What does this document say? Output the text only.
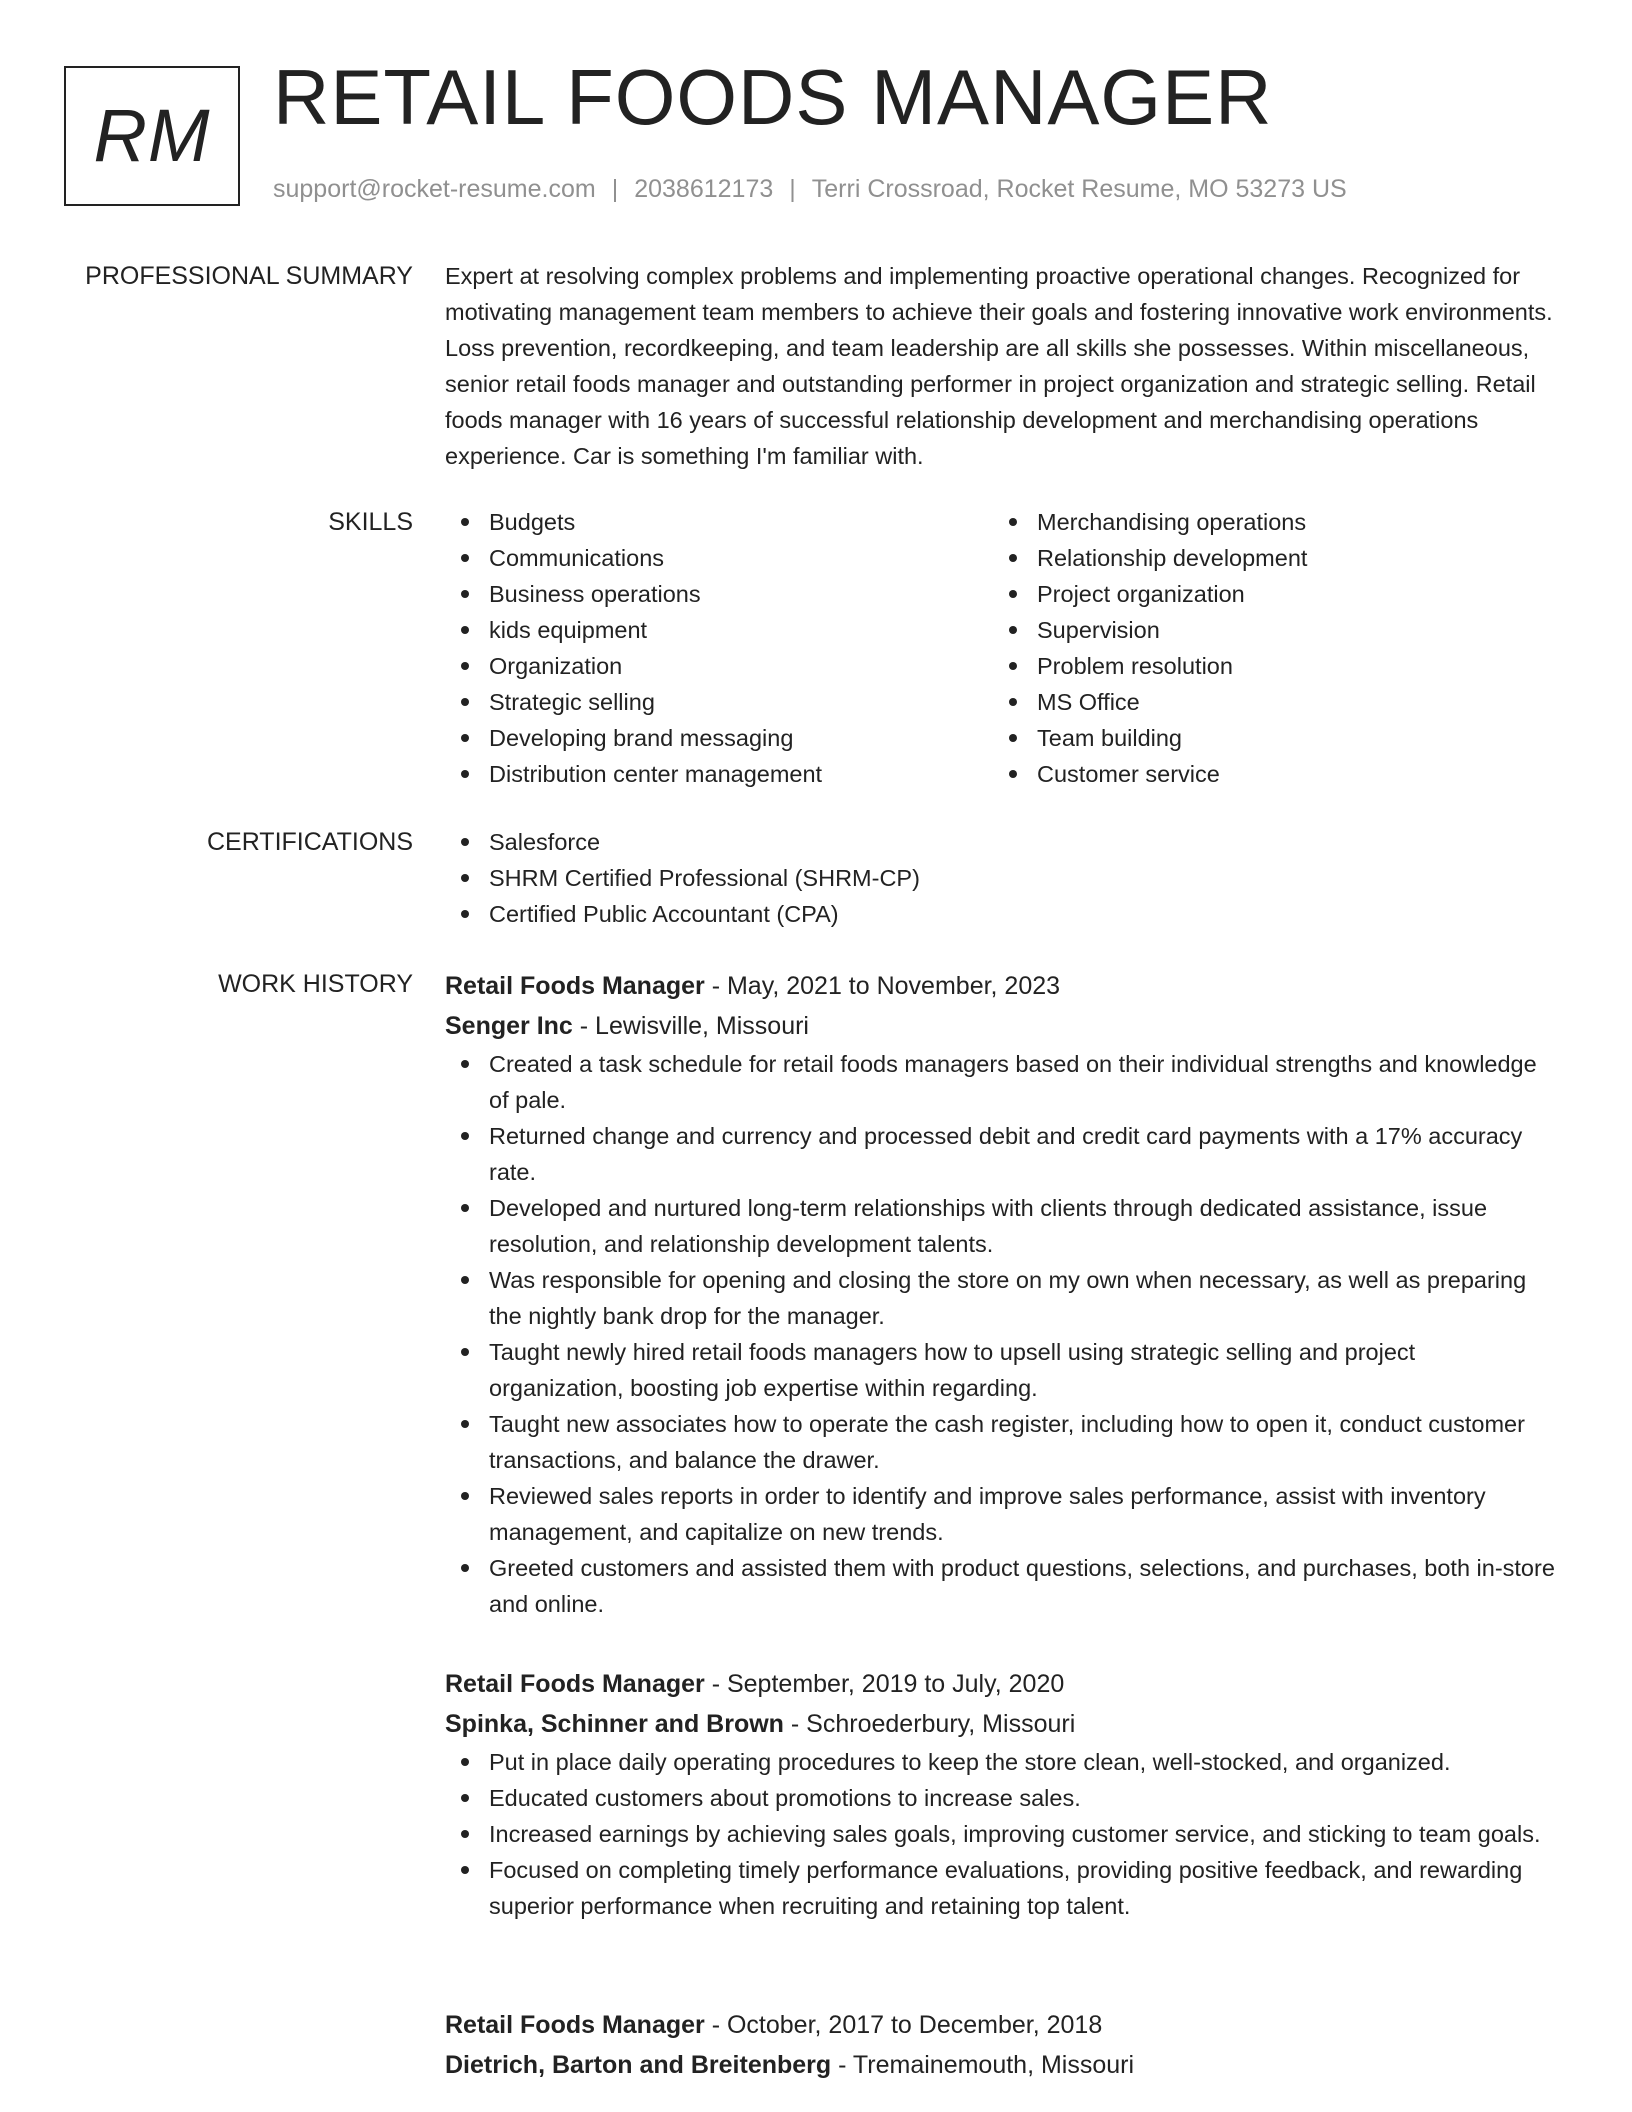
RM RETAIL FOODS MANAGER
support@rocket-resume.com | 2038612173 | Terri Crossroad, Rocket Resume, MO 53273 US
PROFESSIONAL SUMMARY Expert at resolving complex problems and implementing proactive operational changes. Recognized for motivating management team members to achieve their goals and fostering innovative work environments. Loss prevention, recordkeeping, and team leadership are all skills she possesses. Within miscellaneous, senior retail foods manager and outstanding performer in project organization and strategic selling. Retail foods manager with 16 years of successful relationship development and merchandising operations experience. Car is something I'm familiar with.

SKILLS	Budgets
Communications
Business operations
kids equipment
Organization
Strategic selling
Developing brand messaging
Distribution center management
Merchandising operations
Relationship development
Project organization
Supervision
Problem resolution
MS Office
Team building
Customer service
CERTIFICATIONS	Salesforce
SHRM Certified Professional (SHRM-CP)
Certified Public Accountant (CPA)
WORK HISTORY Retail Foods Manager - May, 2021 to November, 2023
Senger Inc - Lewisville, Missouri
Created a task schedule for retail foods managers based on their individual strengths and knowledge of pale.
Returned change and currency and processed debit and credit card payments with a 17% accuracy rate.
Developed and nurtured long-term relationships with clients through dedicated assistance, issue resolution, and relationship development talents.
Was responsible for opening and closing the store on my own when necessary, as well as preparing the nightly bank drop for the manager.
Taught newly hired retail foods managers how to upsell using strategic selling and project organization, boosting job expertise within regarding.
Taught new associates how to operate the cash register, including how to open it, conduct customer transactions, and balance the drawer.
Reviewed sales reports in order to identify and improve sales performance, assist with inventory management, and capitalize on new trends.
Greeted customers and assisted them with product questions, selections, and purchases, both in-store and online.
Retail Foods Manager - September, 2019 to July, 2020
Spinka, Schinner and Brown - Schroederbury, Missouri
Put in place daily operating procedures to keep the store clean, well-stocked, and organized.
Educated customers about promotions to increase sales.
Increased earnings by achieving sales goals, improving customer service, and sticking to team goals.
Focused on completing timely performance evaluations, providing positive feedback, and rewarding superior performance when recruiting and retaining top talent.
Retail Foods Manager - October, 2017 to December, 2018
Dietrich, Barton and Breitenberg - Tremainemouth, Missouri
